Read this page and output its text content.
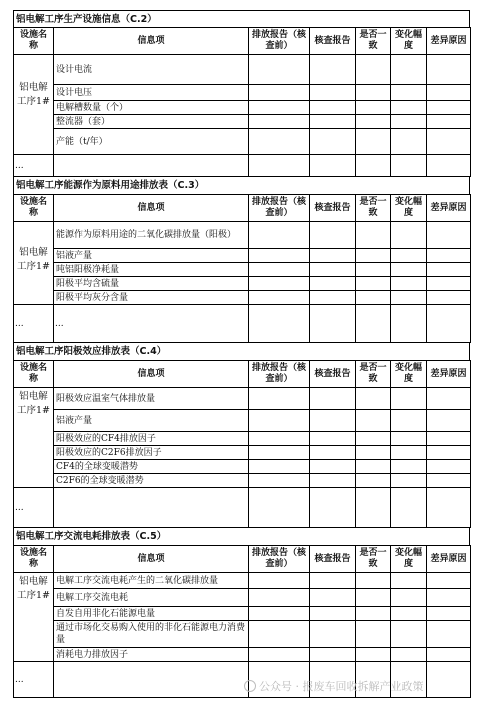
铝电解工序生产设施信息（C.2）
设施名称	信息项	排放报告（核查前）	核查报告	是否一致	变化幅度	差异原因
铝电解工序1#	设计电流					
	设计电压					
	电解槽数量（个）					
	整流器（套）					
	产能（t/年）					
...						
铝电解工序能源作为原料用途排放表（C.3）
设施名称	信息项	排放报告（核查前）	核查报告	是否一致	变化幅度	差异原因
铝电解工序1#	能源作为原料用途的二氧化碳排放量（阳极）					
	铝液产量					
	吨铝阳极净耗量					
	阳极平均含硫量					
	阳极平均灰分含量					
...	...					
铝电解工序阳极效应排放表（C.4）
设施名称	信息项	排放报告（核查前）	核查报告	是否一致	变化幅度	差异原因
铝电解工序1#	阳极效应温室气体排放量					
	铝液产量					
	阳极效应的CF4排放因子					
	阳极效应的C2F6排放因子					
	CF4的全球变暖潜势					
	C2F6的全球变暖潜势					
...						
铝电解工序交流电耗排放表（C.5）
设施名称	信息项	排放报告（核查前）	核查报告	是否一致	变化幅度	差异原因
铝电解工序1#	电解工序交流电耗产生的二氧化碳排放量					
	电解工序交流电耗					
	自发自用非化石能源电量					
	通过市场化交易购入使用的非化石能源电力消费量					
	消耗电力排放因子					
...						
公众号 · 报废车回收拆解产业政策
